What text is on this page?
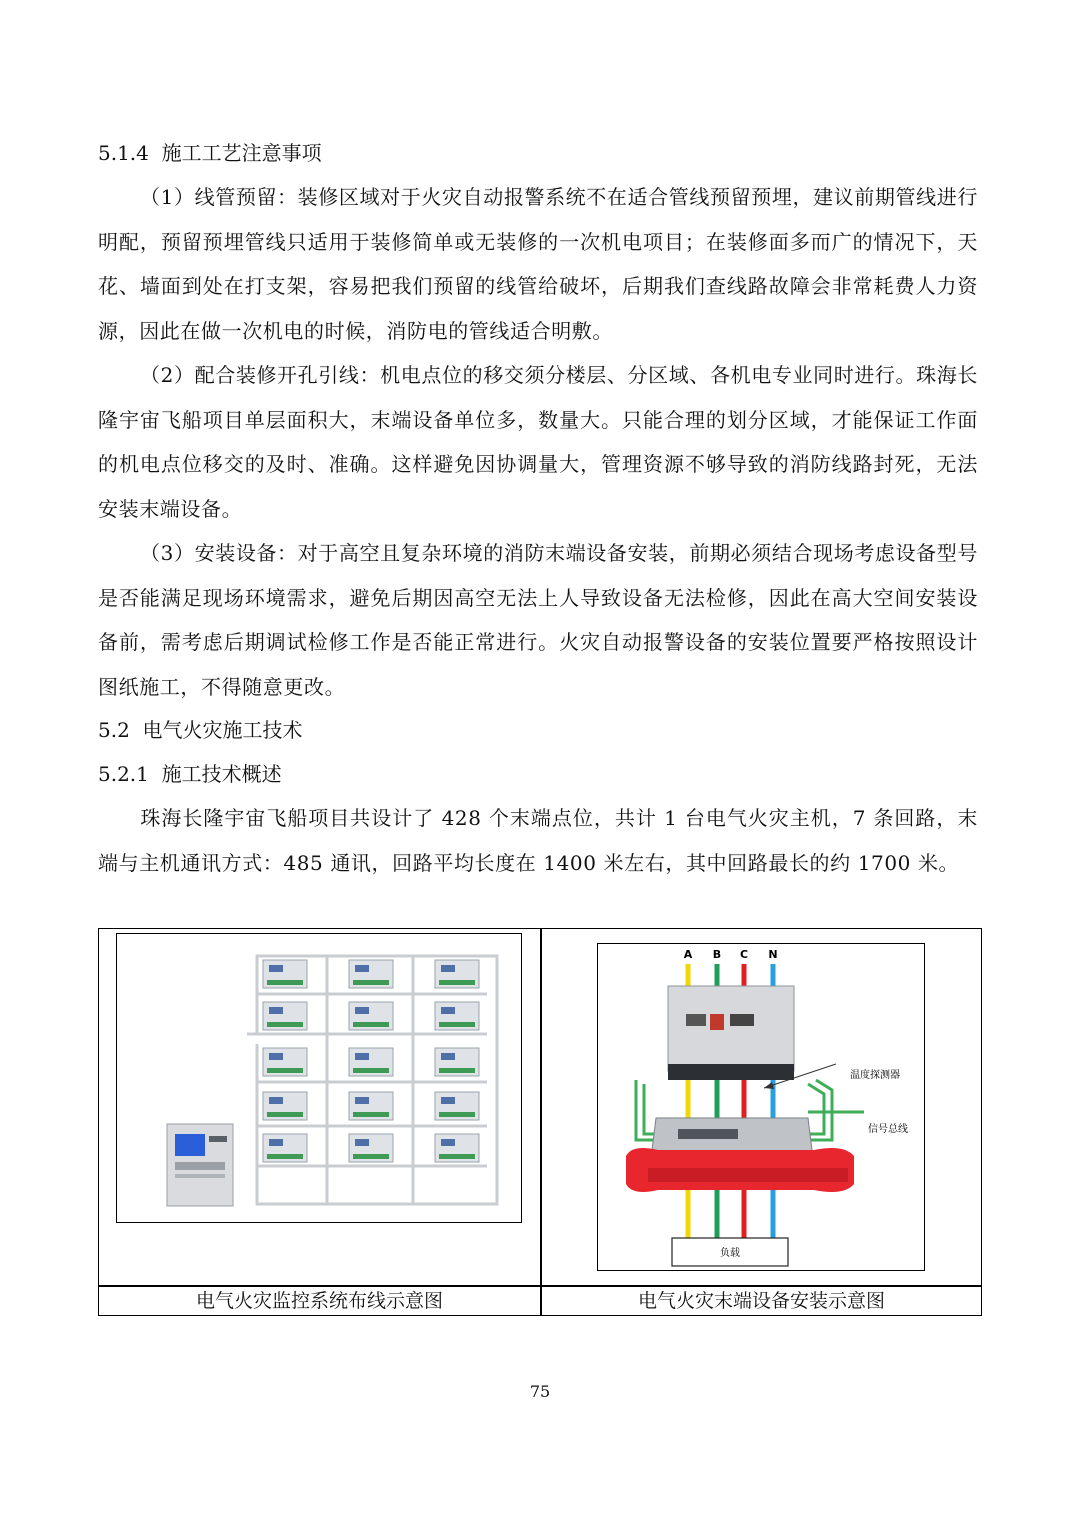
5.1.4 施工工艺注意事项
（1）线管预留：装修区域对于火灾自动报警系统不在适合管线预留预埋，建议前期管线进行明配，预留预埋管线只适用于装修简单或无装修的一次机电项目；在装修面多而广的情况下，天花、墙面到处在打支架，容易把我们预留的线管给破坏，后期我们查线路故障会非常耗费人力资源，因此在做一次机电的时候，消防电的管线适合明敷。
（2）配合装修开孔引线：机电点位的移交须分楼层、分区域、各机电专业同时进行。珠海长隆宇宙飞船项目单层面积大，末端设备单位多，数量大。只能合理的划分区域，才能保证工作面的机电点位移交的及时、准确。这样避免因协调量大，管理资源不够导致的消防线路封死，无法安装末端设备。
（3）安装设备：对于高空且复杂环境的消防末端设备安装，前期必须结合现场考虑设备型号是否能满足现场环境需求，避免后期因高空无法上人导致设备无法检修，因此在高大空间安装设备前，需考虑后期调试检修工作是否能正常进行。火灾自动报警设备的安装位置要严格按照设计图纸施工，不得随意更改。
5.2 电气火灾施工技术
5.2.1 施工技术概述
珠海长隆宇宙飞船项目共设计了 428 个末端点位，共计 1 台电气火灾主机，7 条回路，末端与主机通讯方式：485 通讯，回路平均长度在 1400 米左右，其中回路最长的约 1700 米。
A B C N
温度探测器
信号总线
负载
电气火灾监控系统布线示意图	电气火灾末端设备安装示意图
75
